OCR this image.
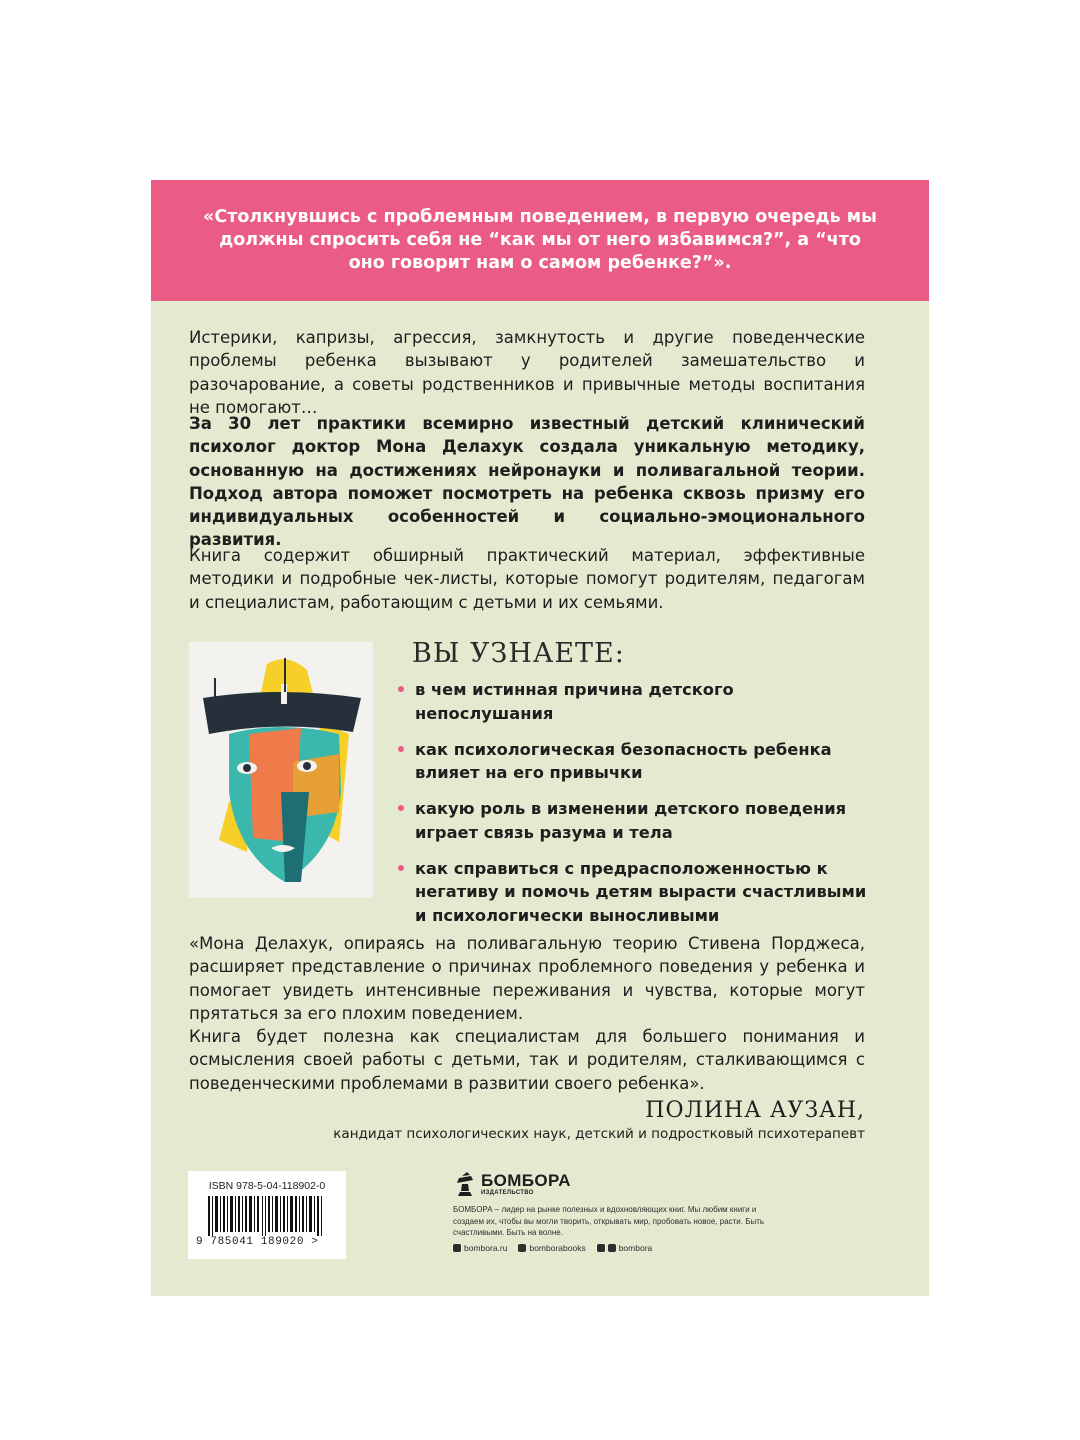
«Столкнувшись с проблемным поведением, в первую очередь мы должны спросить себя не “как мы от него избавимся?”, а “что оно говорит нам о самом ребенке?”».

Истерики, капризы, агрессия, замкнутость и другие поведенческие проблемы ребенка вызывают у родителей замешательство и разочарование, а советы родственников и привычные методы воспитания не помогают…

За 30 лет практики всемирно известный детский клинический психолог доктор Мона Делахук создала уникальную методику, основанную на достижениях нейронауки и поливагальной теории. Подход автора поможет посмотреть на ребенка сквозь призму его индивидуальных особенностей и социально-эмоционального развития.

Книга содержит обширный практический материал, эффективные методики и подробные чек-листы, которые помогут родителям, педагогам и специалистам, работающим с детьми и их семьями.

ВЫ УЗНАЕТЕ:
в чем истинная причина детского непослушания
как психологическая безопасность ребенка влияет на его привычки
какую роль в изменении детского поведения играет связь разума и тела
как справиться с предрасположенностью к негативу и помочь детям вырасти счастливыми и психологически выносливыми

«Мона Делахук, опираясь на поливагальную теорию Стивена Порджеса, расширяет представление о причинах проблемного поведения у ребенка и помогает увидеть интенсивные переживания и чувства, которые могут прятаться за его плохим поведением.

Книга будет полезна как специалистам для большего понимания и осмысления своей работы с детьми, так и родителям, сталкивающимся с поведенческими проблемами в развитии своего ребенка».

ПОЛИНА АУЗАН,

кандидат психологических наук, детский и подростковый психотерапевт

ISBN 978-5-04-118902-0

9 785041 189020 >

БОМБОРА

ИЗДАТЕЛЬСТВО

БОМБОРА – лидер на рынке полезных и вдохновляющих книг. Мы любим книги и создаем их, чтобы вы могли творить, открывать мир, пробовать новое, расти. Быть счастливыми. Быть на волне.

bombora.ru	bomborabooks	bombora
